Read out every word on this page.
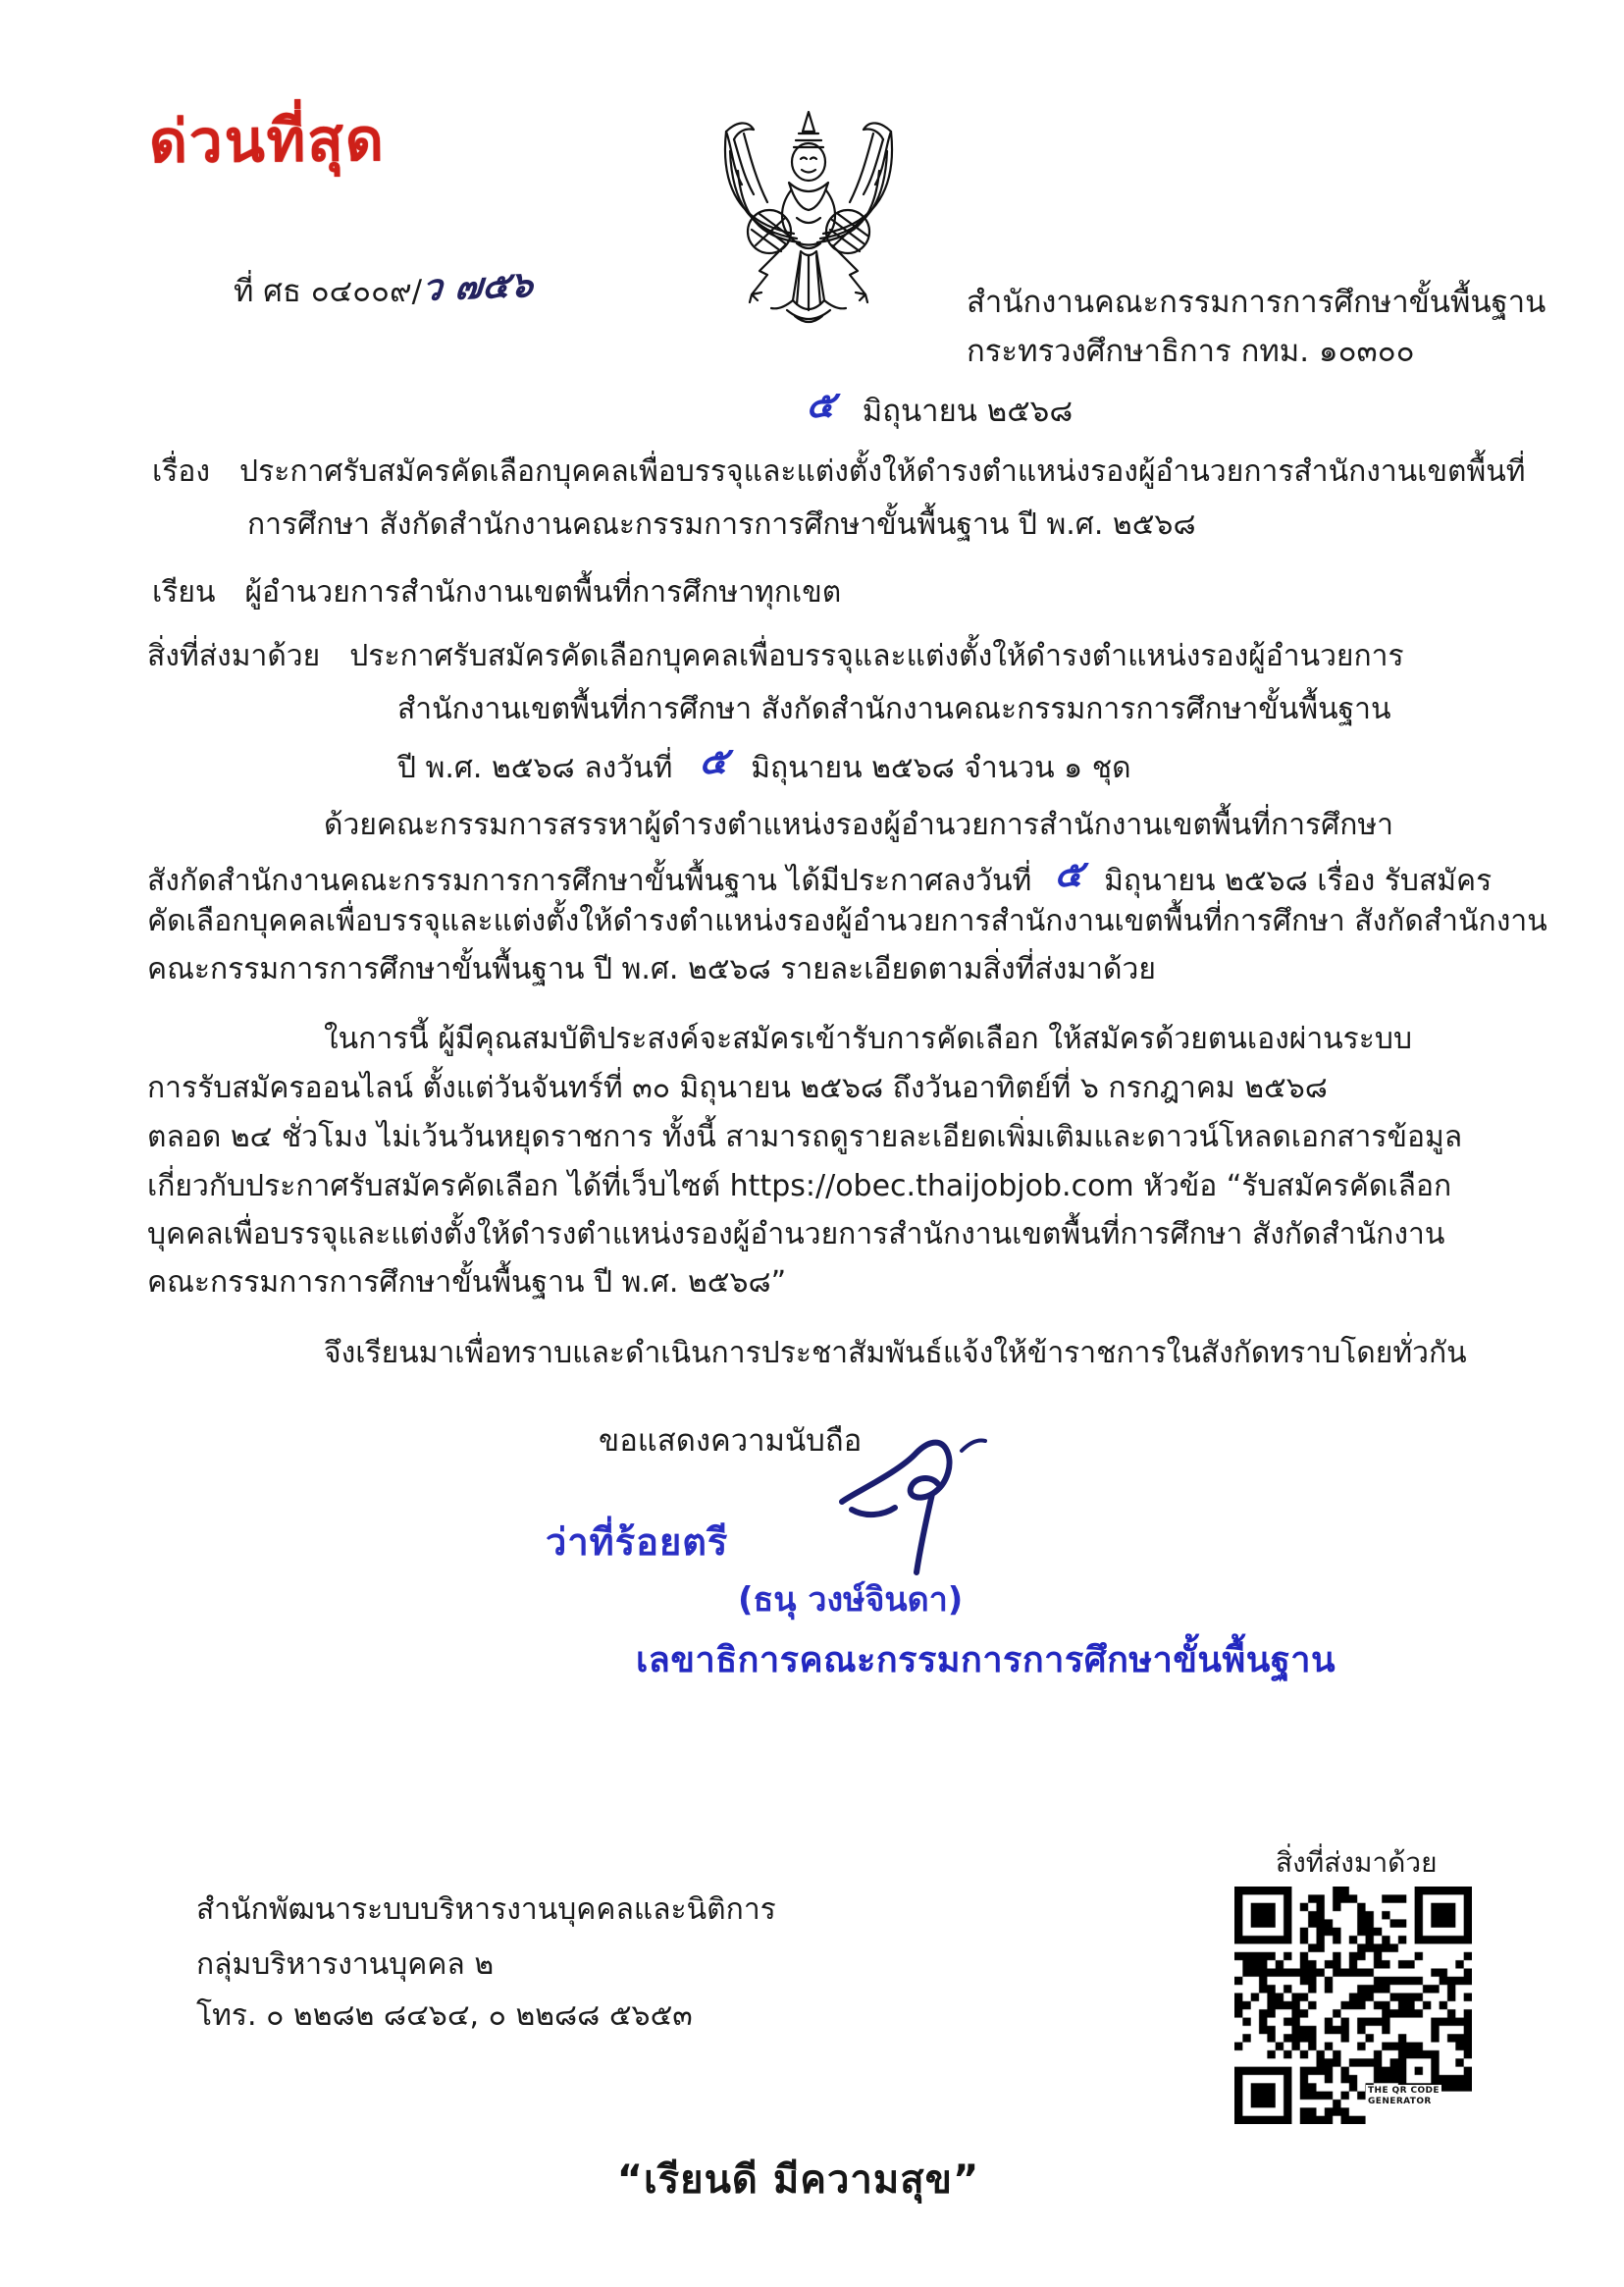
ด่วนที่สุด
ที่ ศธ ๐๔๐๐๙/ว ๗๕๖	สำนักงานคณะกรรมการการศึกษาขั้นพื้นฐาน
กระทรวงศึกษาธิการ กทม. ๑๐๓๐๐
๕ มิถุนายน ๒๕๖๘
เรื่อง ประกาศรับสมัครคัดเลือกบุคคลเพื่อบรรจุและแต่งตั้งให้ดำรงตำแหน่งรองผู้อำนวยการสำนักงานเขตพื้นที่
การศึกษา สังกัดสำนักงานคณะกรรมการการศึกษาขั้นพื้นฐาน ปี พ.ศ. ๒๕๖๘
เรียน ผู้อำนวยการสำนักงานเขตพื้นที่การศึกษาทุกเขต
สิ่งที่ส่งมาด้วย ประกาศรับสมัครคัดเลือกบุคคลเพื่อบรรจุและแต่งตั้งให้ดำรงตำแหน่งรองผู้อำนวยการ
สำนักงานเขตพื้นที่การศึกษา สังกัดสำนักงานคณะกรรมการการศึกษาขั้นพื้นฐาน
ปี พ.ศ. ๒๕๖๘ ลงวันที่ ๕ มิถุนายน ๒๕๖๘ จำนวน ๑ ชุด
ด้วยคณะกรรมการสรรหาผู้ดำรงตำแหน่งรองผู้อำนวยการสำนักงานเขตพื้นที่การศึกษา
สังกัดสำนักงานคณะกรรมการการศึกษาขั้นพื้นฐาน ได้มีประกาศลงวันที่ ๕ มิถุนายน ๒๕๖๘ เรื่อง รับสมัคร
คัดเลือกบุคคลเพื่อบรรจุและแต่งตั้งให้ดำรงตำแหน่งรองผู้อำนวยการสำนักงานเขตพื้นที่การศึกษา สังกัดสำนักงาน
คณะกรรมการการศึกษาขั้นพื้นฐาน ปี พ.ศ. ๒๕๖๘ รายละเอียดตามสิ่งที่ส่งมาด้วย
ในการนี้ ผู้มีคุณสมบัติประสงค์จะสมัครเข้ารับการคัดเลือก ให้สมัครด้วยตนเองผ่านระบบ
การรับสมัครออนไลน์ ตั้งแต่วันจันทร์ที่ ๓๐ มิถุนายน ๒๕๖๘ ถึงวันอาทิตย์ที่ ๖ กรกฎาคม ๒๕๖๘
ตลอด ๒๔ ชั่วโมง ไม่เว้นวันหยุดราชการ ทั้งนี้ สามารถดูรายละเอียดเพิ่มเติมและดาวน์โหลดเอกสารข้อมูล
เกี่ยวกับประกาศรับสมัครคัดเลือก ได้ที่เว็บไซต์ https://obec.thaijobjob.com หัวข้อ “รับสมัครคัดเลือก
บุคคลเพื่อบรรจุและแต่งตั้งให้ดำรงตำแหน่งรองผู้อำนวยการสำนักงานเขตพื้นที่การศึกษา สังกัดสำนักงาน
คณะกรรมการการศึกษาขั้นพื้นฐาน ปี พ.ศ. ๒๕๖๘”
จึงเรียนมาเพื่อทราบและดำเนินการประชาสัมพันธ์แจ้งให้ข้าราชการในสังกัดทราบโดยทั่วกัน
ขอแสดงความนับถือ
ว่าที่ร้อยตรี
(ธนุ วงษ์จินดา)
เลขาธิการคณะกรรมการการศึกษาขั้นพื้นฐาน
สำนักพัฒนาระบบบริหารงานบุคคลและนิติการ
กลุ่มบริหารงานบุคคล ๒
โทร. ๐ ๒๒๘๒ ๘๔๖๔, ๐ ๒๒๘๘ ๕๖๕๓
สิ่งที่ส่งมาด้วย
THE QR CODE
GENERATOR
“เรียนดี มีความสุข”
